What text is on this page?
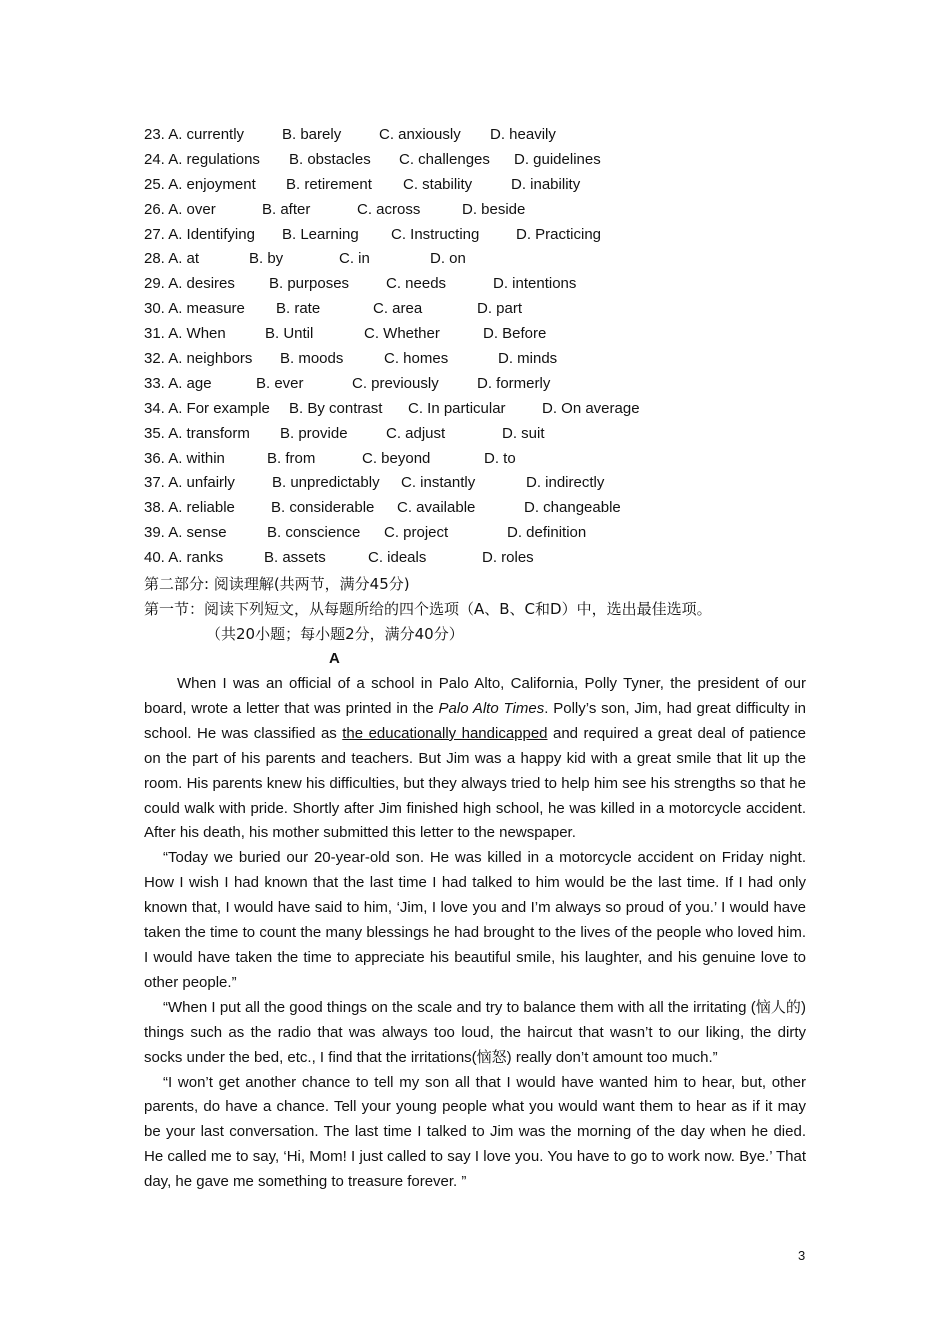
23. A. currently	B. barely	C. anxiously D. heavily
24. A. regulations B. obstacles C. challenges D. guidelines
25. A. enjoyment B. retirement C. stability	D. inability
26. A. over	B. after	C. across	D. beside
27. A. Identifying B. Learning C. Instructing D. Practicing
28. A. at	B. by	C. in	D. on
29. A. desires B. purposes C. needs	D. intentions
30. A. measure B. rate	C. area	D. part
31. A. When	B. Until	C. Whether	D. Before
32. A. neighbors B. moods	C. homes	D. minds
33. A. age	B. ever	C. previously	D. formerly
34. A. For example B. By contrast C. In particular D. On average
35. A. transform B. provide	C. adjust	D. suit
36. A. within	B. from	C. beyond	D. to
37. A. unfairly B. unpredictably C. instantly	D. indirectly
38. A. reliable B. considerable C. available	D. changeable
39. A. sense	B. conscience C. project	D. definition
40. A. ranks	B. assets	C. ideals	D. roles
第二部分: 阅读理解(共两节，满分45分)
第一节：阅读下列短文，从每题所给的四个选项（A、B、C和D）中，选出最佳选项。
（共20小题；每小题2分，满分40分）
A

When I was an official of a school in Palo Alto, California, Polly Tyner, the president of our board, wrote a letter that was printed in the Palo Alto Times. Polly’s son, Jim, had great difficulty in school. He was classified as the educationally handicapped and required a great deal of patience on the part of his parents and teachers. But Jim was a happy kid with a great smile that lit up the room. His parents knew his difficulties, but they always tried to help him see his strengths so that he could walk with pride. Shortly after Jim finished high school, he was killed in a motorcycle accident. After his death, his mother submitted this letter to the newspaper.

“Today we buried our 20-year-old son. He was killed in a motorcycle accident on Friday night. How I wish I had known that the last time I had talked to him would be the last time. If I had only known that, I would have said to him, ‘Jim, I love you and I’m always so proud of you.’ I would have taken the time to count the many blessings he had brought to the lives of the people who loved him. I would have taken the time to appreciate his beautiful smile, his laughter, and his genuine love to other people.”

“When I put all the good things on the scale and try to balance them with all the irritating (恼人的) things such as the radio that was always too loud, the haircut that wasn’t to our liking, the dirty socks under the bed, etc., I find that the irritations(恼怒) really don’t amount too much.”

“I won’t get another chance to tell my son all that I would have wanted him to hear, but, other parents, do have a chance. Tell your young people what you would want them to hear as if it may be your last conversation. The last time I talked to Jim was the morning of the day when he died. He called me to say, ‘Hi, Mom! I just called to say I love you. You have to go to work now. Bye.’ That day, he gave me something to treasure forever. ”

3
